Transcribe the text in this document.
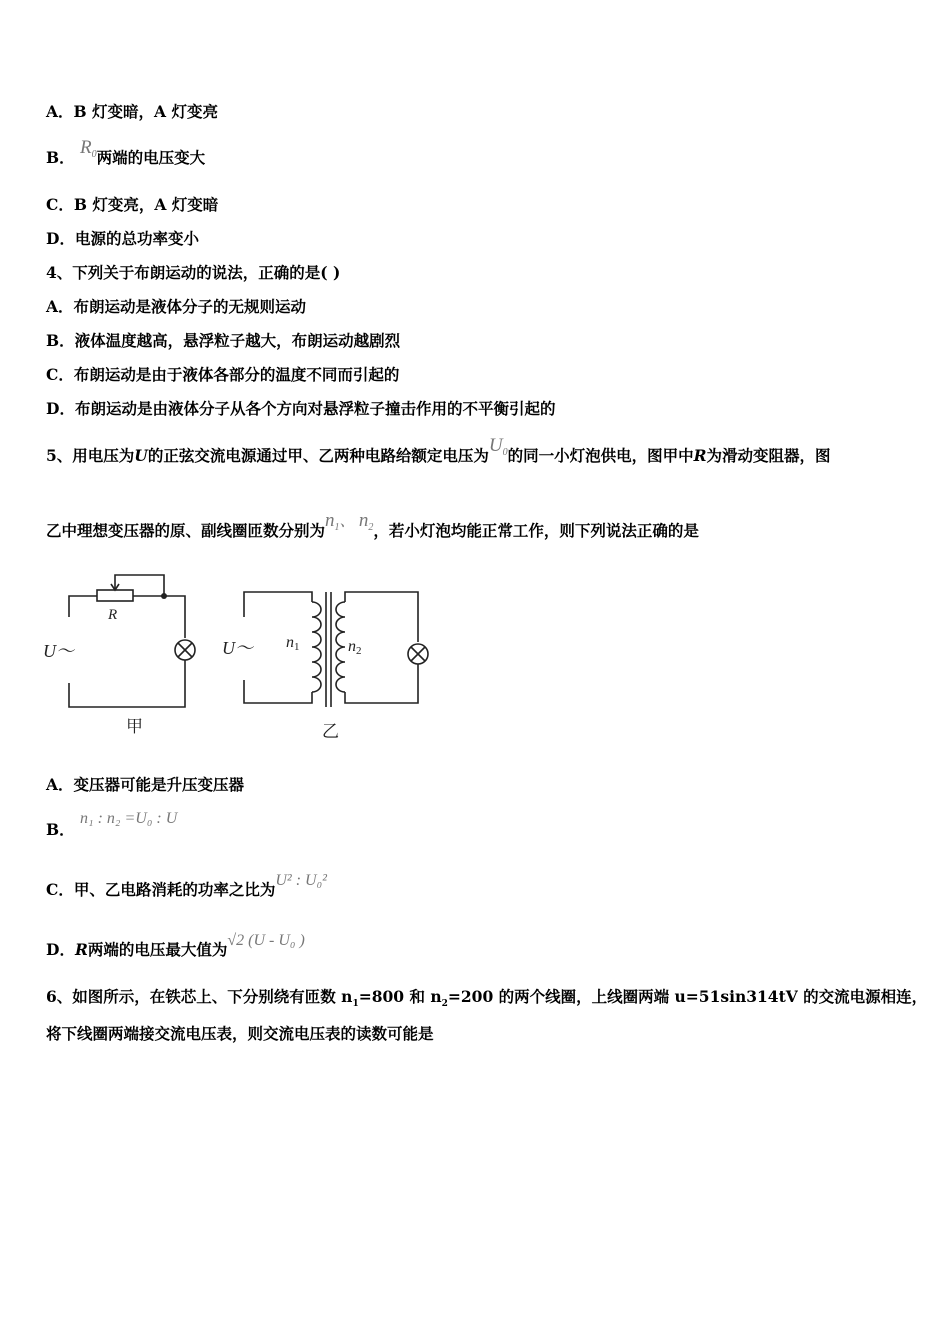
A．B 灯变暗，A 灯变亮
B． $R_0$两端的电压变大
C．B 灯变亮，A 灯变暗
D．电源的总功率变小
4、下列关于布朗运动的说法，正确的是( )
A．布朗运动是液体分子的无规则运动
B．液体温度越高，悬浮粒子越大，布朗运动越剧烈
C．布朗运动是由于液体各部分的温度不同而引起的
D．布朗运动是由液体分子从各个方向对悬浮粒子撞击作用的不平衡引起的
5、用电压为U的正弦交流电源通过甲、乙两种电路给额定电压为$U_0$的同一小灯泡供电，图甲中R为滑动变阻器，图
乙中理想变压器的原、副线圈匝数分别为$n_1$、 $n_2$，若小灯泡均能正常工作，则下列说法正确的是
R
U～
甲
U～ n1	n2
乙
A．变压器可能是升压变压器
B． n₁ : n₂ =U₀ : U
C．甲、乙电路消耗的功率之比为U² : U₀²
D．R两端的电压最大值为√2 (U - U₀ )
6、如图所示，在铁芯上、下分别绕有匝数 $n_1=800$ 和 $n_2=200$ 的两个线圈，上线圈两端 u=51sin314tV 的交流电源相连，
将下线圈两端接交流电压表，则交流电压表的读数可能是
